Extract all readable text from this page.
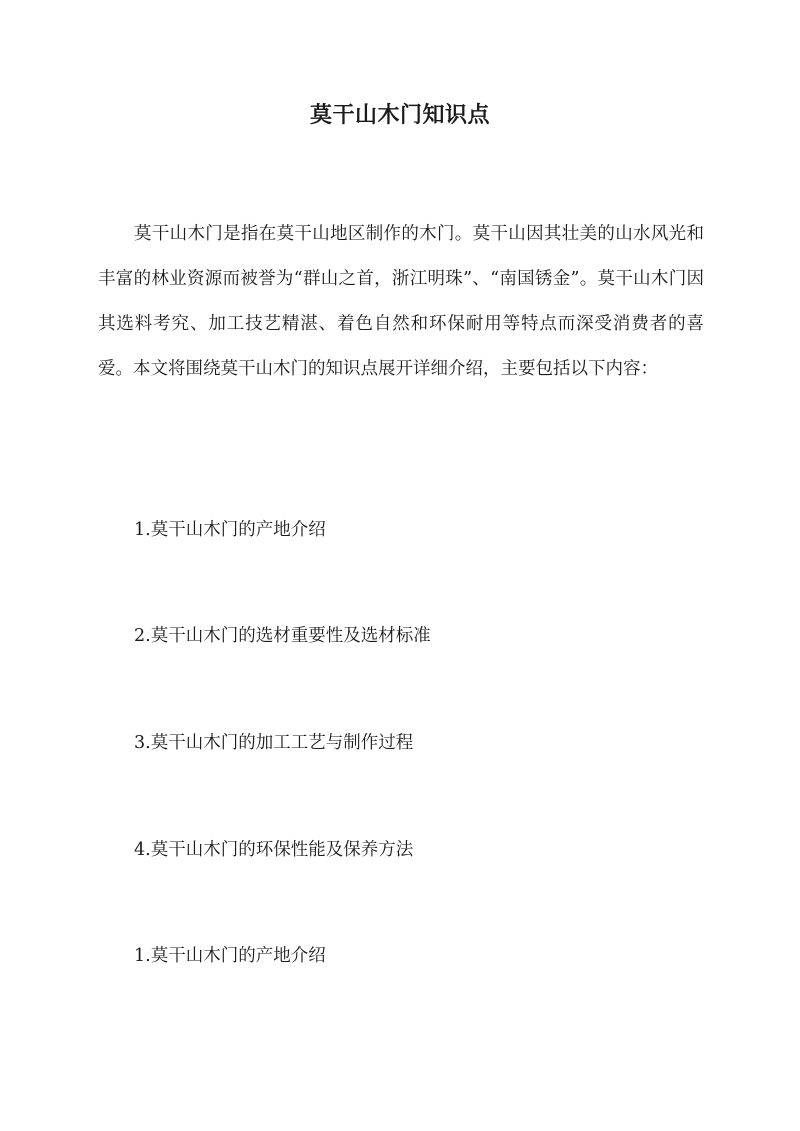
莫干山木门知识点

莫干山木门是指在莫干山地区制作的木门。莫干山因其壮美的山水风光和丰富的林业资源而被誉为“群山之首，浙江明珠”、“南国锈金”。莫干山木门因其选料考究、加工技艺精湛、着色自然和环保耐用等特点而深受消费者的喜爱。本文将围绕莫干山木门的知识点展开详细介绍，主要包括以下内容：

1.莫干山木门的产地介绍
2.莫干山木门的选材重要性及选材标准
3.莫干山木门的加工工艺与制作过程
4.莫干山木门的环保性能及保养方法
1.莫干山木门的产地介绍
